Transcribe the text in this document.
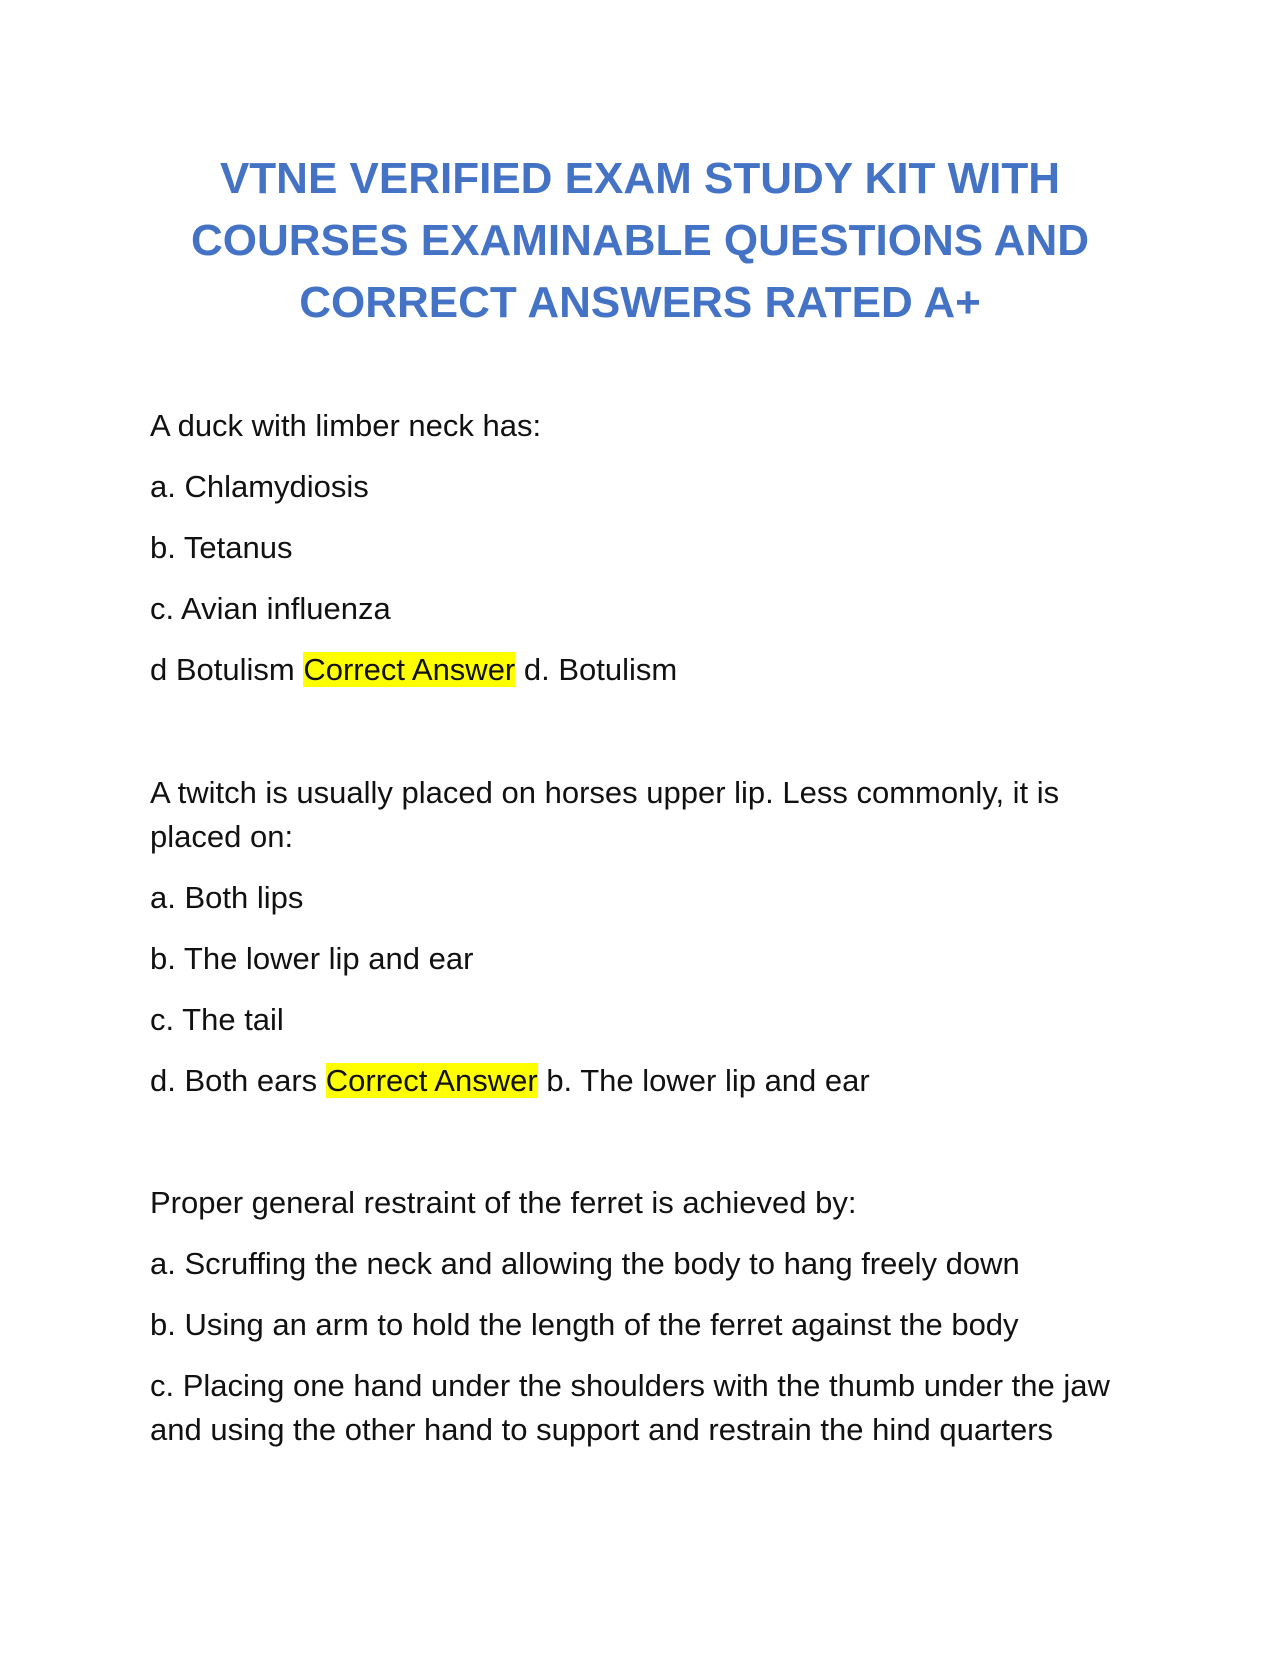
VTNE VERIFIED EXAM STUDY KIT WITH
COURSES EXAMINABLE QUESTIONS AND
CORRECT ANSWERS RATED A+

A duck with limber neck has:

a. Chlamydiosis

b. Tetanus

c. Avian influenza

d Botulism Correct Answer d. Botulism

A twitch is usually placed on horses upper lip. Less commonly, it is placed on:

a. Both lips

b. The lower lip and ear

c. The tail

d. Both ears Correct Answer b. The lower lip and ear

Proper general restraint of the ferret is achieved by:

a. Scruffing the neck and allowing the body to hang freely down

b. Using an arm to hold the length of the ferret against the body

c. Placing one hand under the shoulders with the thumb under the jaw and using the other hand to support and restrain the hind quarters
